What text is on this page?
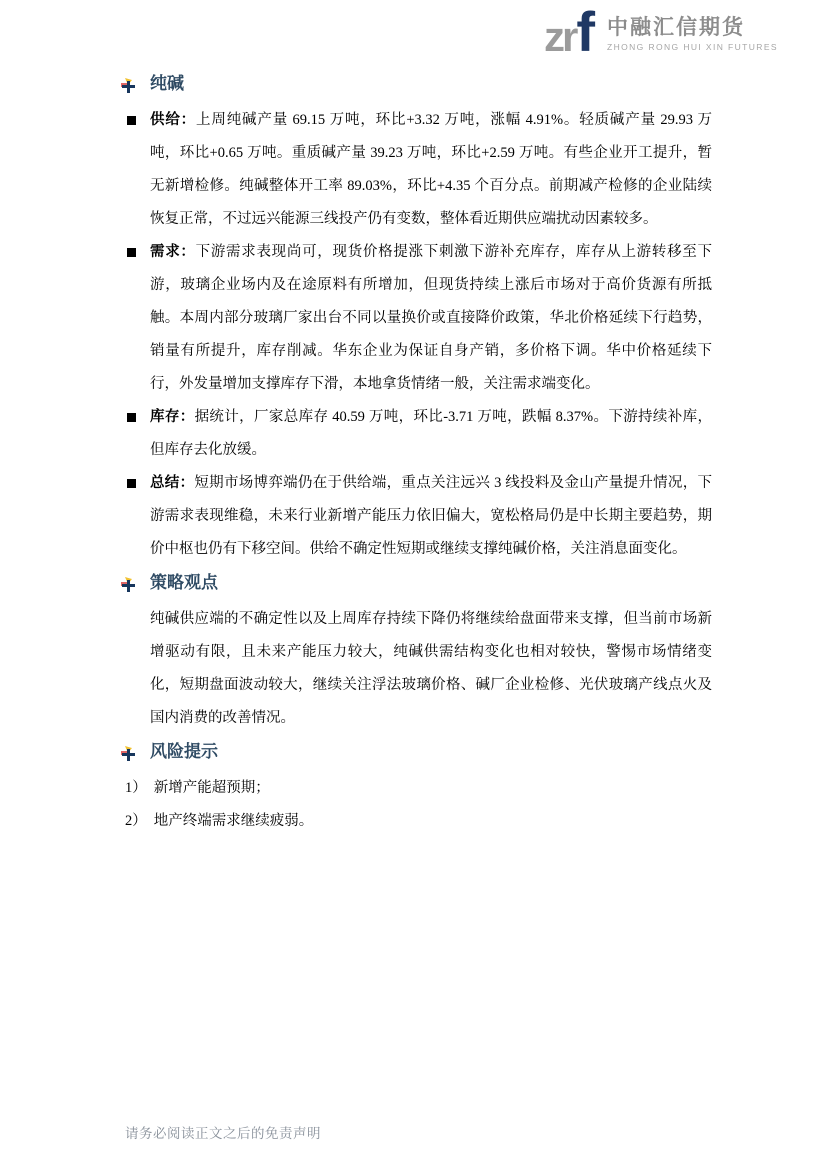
zrf 中融汇信期货
ZHONG RONG HUI XIN FUTURES
纯碱
供给：上周纯碱产量 69.15 万吨，环比+3.32 万吨，涨幅 4.91%。轻质碱产量 29.93 万吨，环比+0.65 万吨。重质碱产量 39.23 万吨，环比+2.59 万吨。有些企业开工提升，暂无新增检修。纯碱整体开工率 89.03%，环比+4.35 个百分点。前期减产检修的企业陆续恢复正常，不过远兴能源三线投产仍有变数，整体看近期供应端扰动因素较多。
需求：下游需求表现尚可，现货价格提涨下刺激下游补充库存，库存从上游转移至下游，玻璃企业场内及在途原料有所增加，但现货持续上涨后市场对于高价货源有所抵触。本周内部分玻璃厂家出台不同以量换价或直接降价政策，华北价格延续下行趋势，销量有所提升，库存削减。华东企业为保证自身产销，多价格下调。华中价格延续下行，外发量增加支撑库存下滑，本地拿货情绪一般，关注需求端变化。
库存：据统计，厂家总库存 40.59 万吨，环比-3.71 万吨，跌幅 8.37%。下游持续补库，但库存去化放缓。
总结：短期市场博弈端仍在于供给端，重点关注远兴 3 线投料及金山产量提升情况，下游需求表现维稳，未来行业新增产能压力依旧偏大，宽松格局仍是中长期主要趋势，期价中枢也仍有下移空间。供给不确定性短期或继续支撑纯碱价格，关注消息面变化。
策略观点

纯碱供应端的不确定性以及上周库存持续下降仍将继续给盘面带来支撑，但当前市场新增驱动有限，且未来产能压力较大，纯碱供需结构变化也相对较快，警惕市场情绪变化，短期盘面波动较大，继续关注浮法玻璃价格、碱厂企业检修、光伏玻璃产线点火及国内消费的改善情况。

风险提示
1） 新增产能超预期；
2） 地产终端需求继续疲弱。
请务必阅读正文之后的免责声明
